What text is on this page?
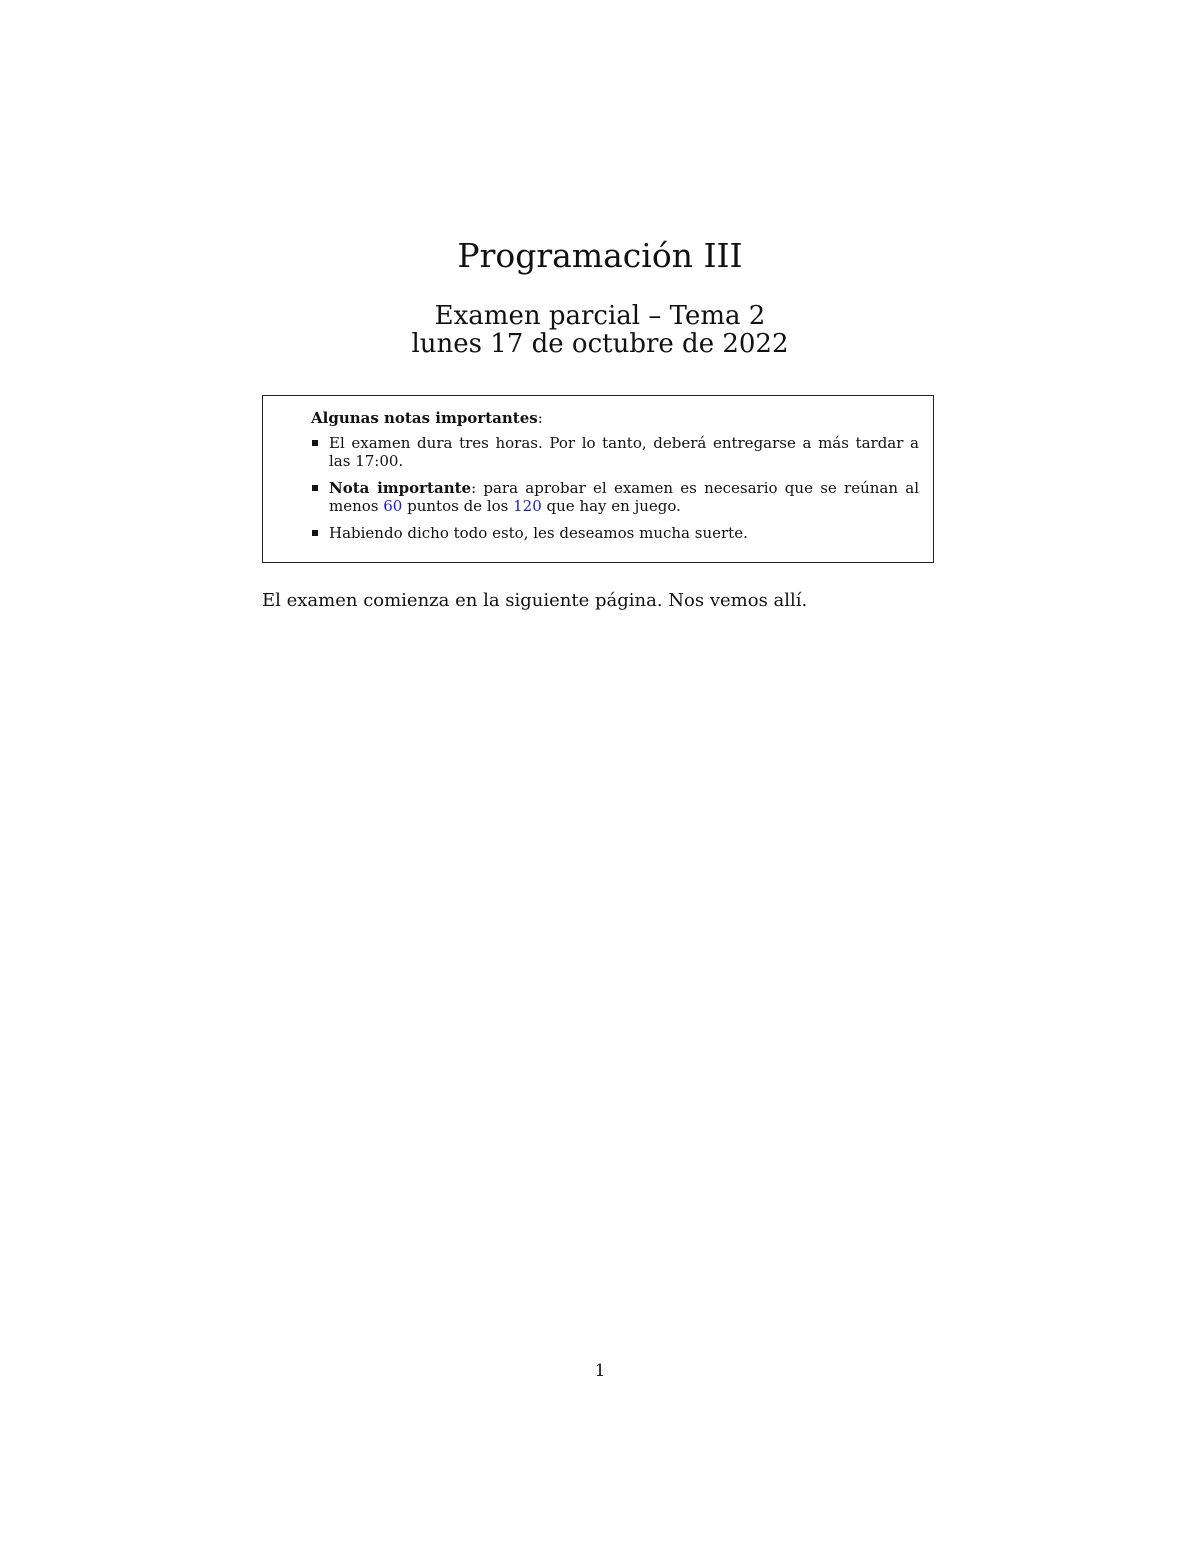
Programación III
Examen parcial – Tema 2
lunes 17 de octubre de 2022
Algunas notas importantes:
El examen dura tres horas. Por lo tanto, deberá entregarse a más tardar a las 17:00.
Nota importante: para aprobar el examen es necesario que se reúnan al menos 60 puntos de los 120 que hay en juego.
Habiendo dicho todo esto, les deseamos mucha suerte.

El examen comienza en la siguiente página. Nos vemos allí.

1
